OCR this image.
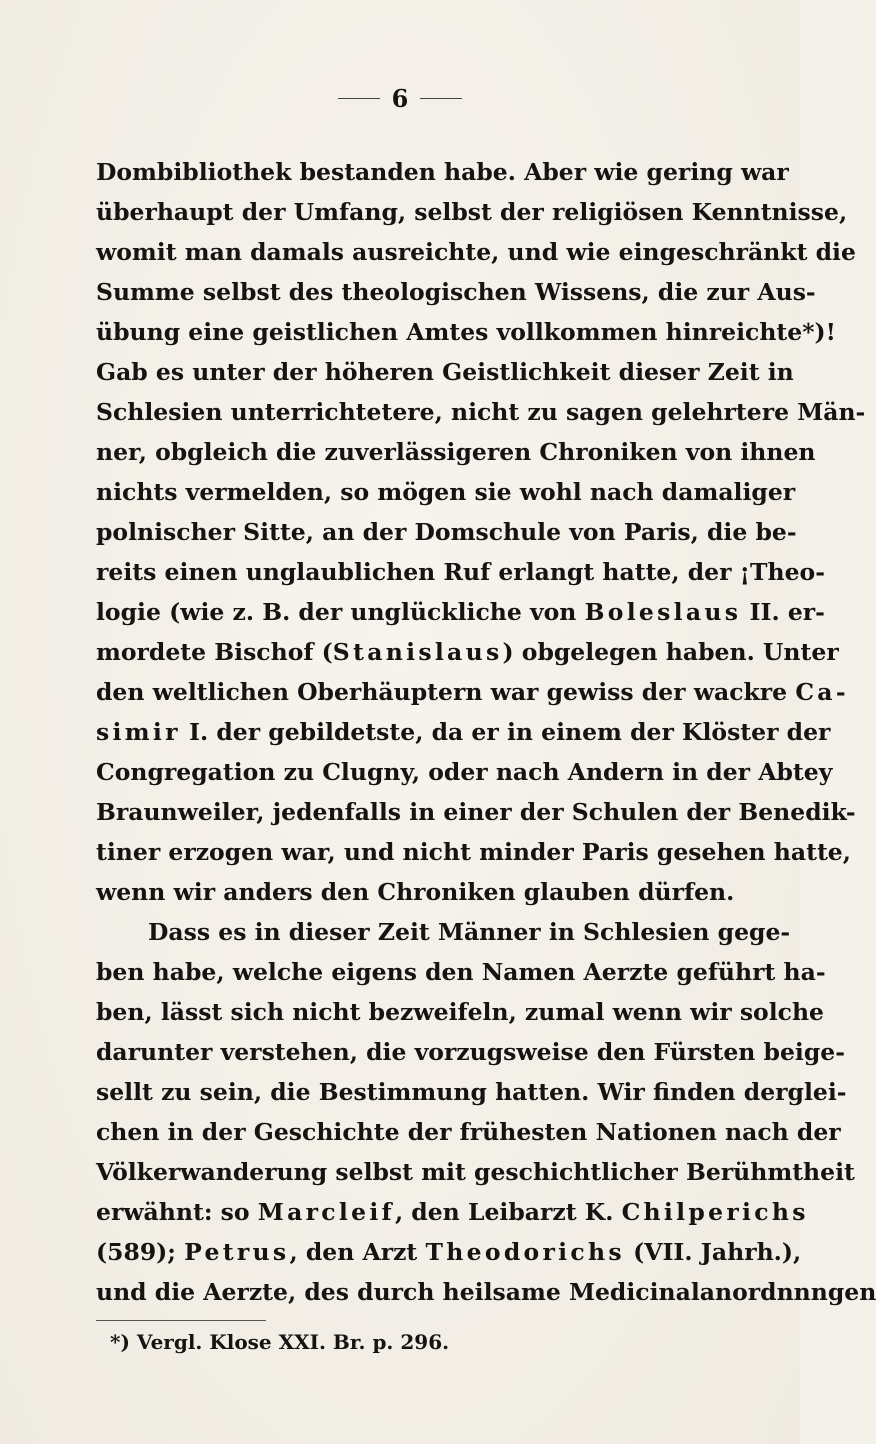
6
Dombibliothek bestanden habe. Aber wie gering war
überhaupt der Umfang, selbst der religiösen Kenntnisse,
womit man damals ausreichte, und wie eingeschränkt die
Summe selbst des theologischen Wissens, die zur Aus-
übung eine geistlichen Amtes vollkommen hinreichte*)!
Gab es unter der höheren Geistlichkeit dieser Zeit in
Schlesien unterrichtetere, nicht zu sagen gelehrtere Män-
ner, obgleich die zuverlässigeren Chroniken von ihnen
nichts vermelden, so mögen sie wohl nach damaliger
polnischer Sitte, an der Domschule von Paris, die be-
reits einen unglaublichen Ruf erlangt hatte, der ¡Theo-
logie (wie z. B. der unglückliche von Boleslaus II. er-
mordete Bischof (Stanislaus) obgelegen haben. Unter
den weltlichen Oberhäuptern war gewiss der wackre Ca-
simir I. der gebildetste, da er in einem der Klöster der
Congregation zu Clugny, oder nach Andern in der Abtey
Braunweiler, jedenfalls in einer der Schulen der Benedik-
tiner erzogen war, und nicht minder Paris gesehen hatte,
wenn wir anders den Chroniken glauben dürfen.
Dass es in dieser Zeit Männer in Schlesien gege-
ben habe, welche eigens den Namen Aerzte geführt ha-
ben, lässt sich nicht bezweifeln, zumal wenn wir solche
darunter verstehen, die vorzugsweise den Fürsten beige-
sellt zu sein, die Bestimmung hatten. Wir finden derglei-
chen in der Geschichte der frühesten Nationen nach der
Völkerwanderung selbst mit geschichtlicher Berühmtheit
erwähnt: so Marcleif, den Leibarzt K. Chilperichs
(589); Petrus, den Arzt Theodorichs (VII. Jahrh.),
und die Aerzte, des durch heilsame Medicinalanordnnngen
*) Vergl. Klose XXI. Br. p. 296.
